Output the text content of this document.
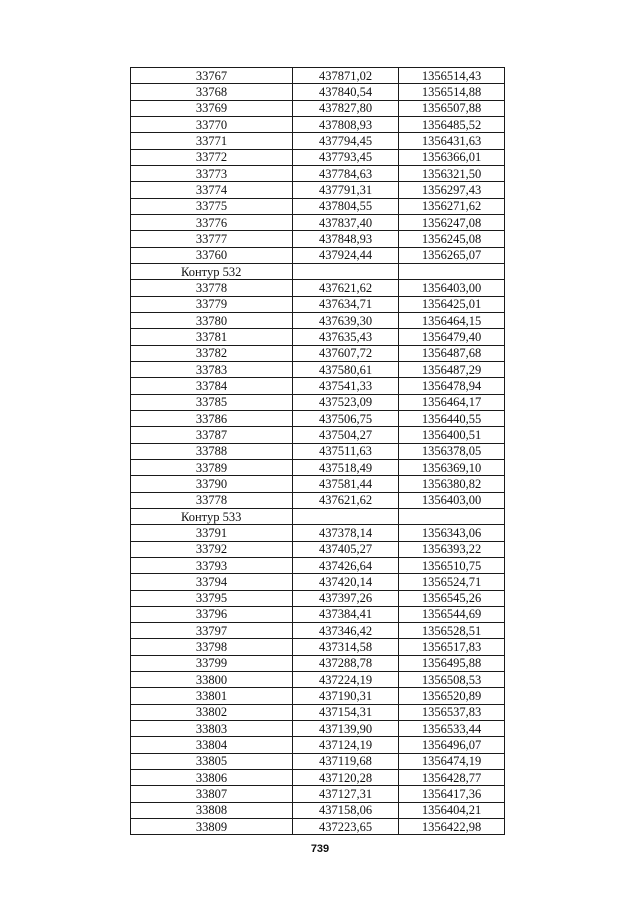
33767	437871,02	1356514,43
33768	437840,54	1356514,88
33769	437827,80	1356507,88
33770	437808,93	1356485,52
33771	437794,45	1356431,63
33772	437793,45	1356366,01
33773	437784,63	1356321,50
33774	437791,31	1356297,43
33775	437804,55	1356271,62
33776	437837,40	1356247,08
33777	437848,93	1356245,08
33760	437924,44	1356265,07
Контур 532		
33778	437621,62	1356403,00
33779	437634,71	1356425,01
33780	437639,30	1356464,15
33781	437635,43	1356479,40
33782	437607,72	1356487,68
33783	437580,61	1356487,29
33784	437541,33	1356478,94
33785	437523,09	1356464,17
33786	437506,75	1356440,55
33787	437504,27	1356400,51
33788	437511,63	1356378,05
33789	437518,49	1356369,10
33790	437581,44	1356380,82
33778	437621,62	1356403,00
Контур 533		
33791	437378,14	1356343,06
33792	437405,27	1356393,22
33793	437426,64	1356510,75
33794	437420,14	1356524,71
33795	437397,26	1356545,26
33796	437384,41	1356544,69
33797	437346,42	1356528,51
33798	437314,58	1356517,83
33799	437288,78	1356495,88
33800	437224,19	1356508,53
33801	437190,31	1356520,89
33802	437154,31	1356537,83
33803	437139,90	1356533,44
33804	437124,19	1356496,07
33805	437119,68	1356474,19
33806	437120,28	1356428,77
33807	437127,31	1356417,36
33808	437158,06	1356404,21
33809	437223,65	1356422,98
739
